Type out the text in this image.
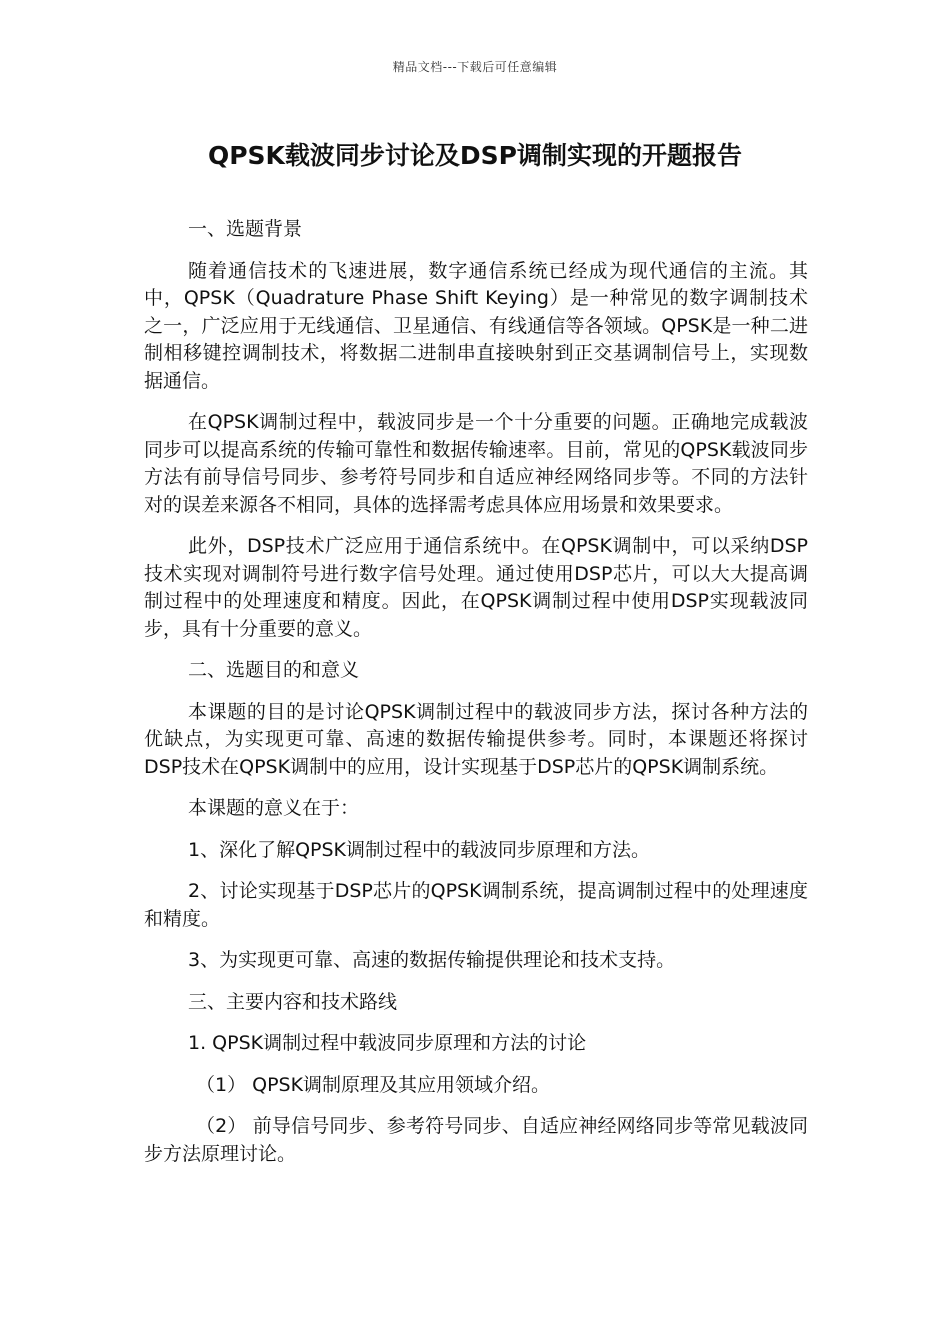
精品文档---下载后可任意编辑
QPSK载波同步讨论及DSP调制实现的开题报告

一、选题背景

随着通信技术的飞速进展，数字通信系统已经成为现代通信的主流。其中，QPSK（Quadrature Phase Shift Keying）是一种常见的数字调制技术之一，广泛应用于无线通信、卫星通信、有线通信等各领域。QPSK是一种二进制相移键控调制技术，将数据二进制串直接映射到正交基调制信号上，实现数据通信。

在QPSK调制过程中，载波同步是一个十分重要的问题。正确地完成载波同步可以提高系统的传输可靠性和数据传输速率。目前，常见的QPSK载波同步方法有前导信号同步、参考符号同步和自适应神经网络同步等。不同的方法针对的误差来源各不相同，具体的选择需考虑具体应用场景和效果要求。

此外，DSP技术广泛应用于通信系统中。在QPSK调制中，可以采纳DSP技术实现对调制符号进行数字信号处理。通过使用DSP芯片，可以大大提高调制过程中的处理速度和精度。因此，在QPSK调制过程中使用DSP实现载波同步，具有十分重要的意义。

二、选题目的和意义

本课题的目的是讨论QPSK调制过程中的载波同步方法，探讨各种方法的优缺点，为实现更可靠、高速的数据传输提供参考。同时，本课题还将探讨DSP技术在QPSK调制中的应用，设计实现基于DSP芯片的QPSK调制系统。

本课题的意义在于：

1、深化了解QPSK调制过程中的载波同步原理和方法。

2、讨论实现基于DSP芯片的QPSK调制系统，提高调制过程中的处理速度和精度。

3、为实现更可靠、高速的数据传输提供理论和技术支持。

三、主要内容和技术路线

1. QPSK调制过程中载波同步原理和方法的讨论

（1） QPSK调制原理及其应用领域介绍。

（2） 前导信号同步、参考符号同步、自适应神经网络同步等常见载波同步方法原理讨论。
